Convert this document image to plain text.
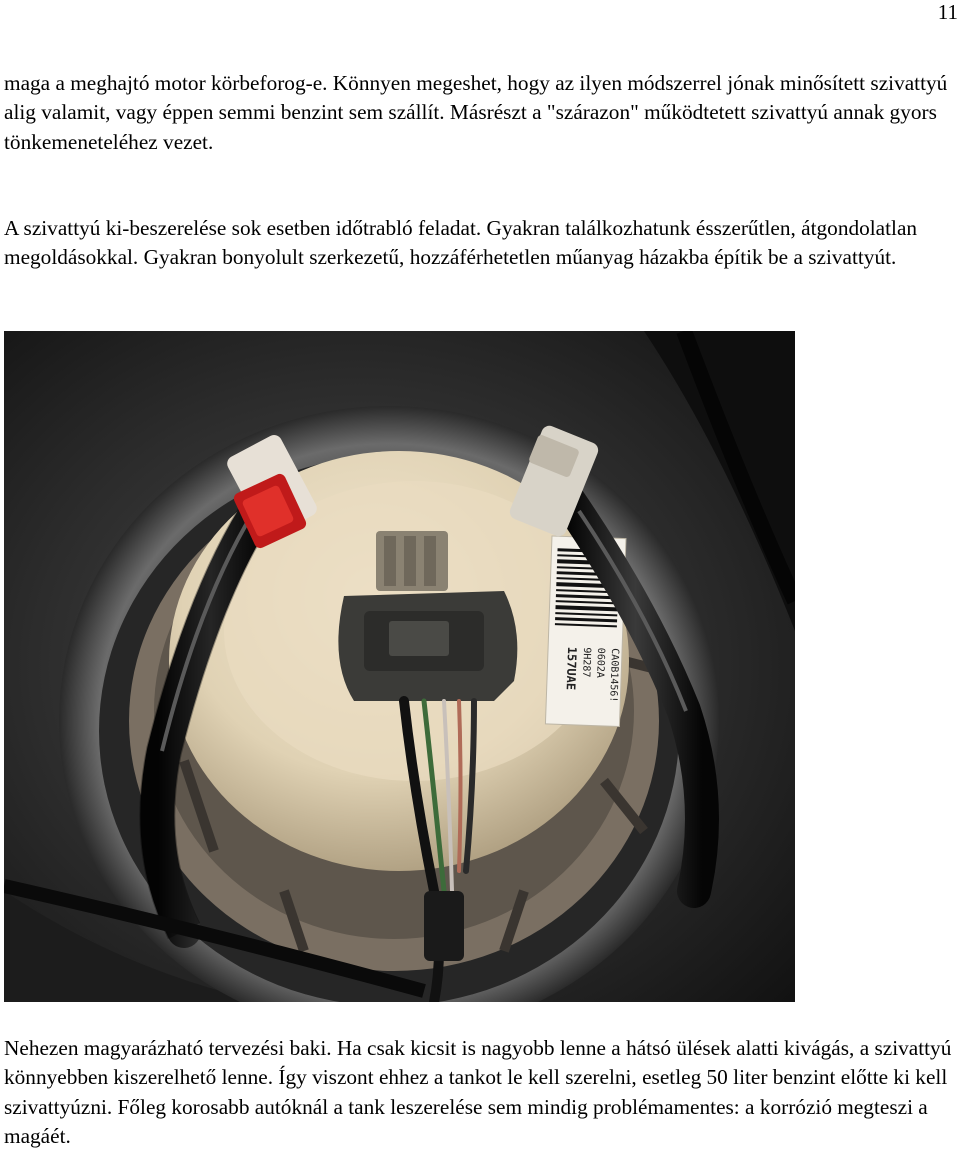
11

maga a meghajtó motor körbeforog-e. Könnyen megeshet, hogy az ilyen módszerrel jónak minősített szivattyú alig valamit, vagy éppen semmi benzint sem szállít. Másrészt a "szárazon" működtetett szivattyú annak gyors tönkemeneteléhez vezet.

A szivattyú ki-beszerelése sok esetben időtrabló feladat. Gyakran találkozhatunk ésszerűtlen, átgondolatlan megoldásokkal. Gyakran bonyolult szerkezetű, hozzáférhetetlen műanyag házakba építik be a szivattyút.

CA0B1456!
0602A
9H287
157UAE

Nehezen magyarázható tervezési baki. Ha csak kicsit is nagyobb lenne a hátsó ülések alatti kivágás, a szivattyú könnyebben kiszerelhető lenne. Így viszont ehhez a tankot le kell szerelni, esetleg 50 liter benzint előtte ki kell szivattyúzni. Főleg korosabb autóknál a tank leszerelése sem mindig problémamentes: a korrózió megteszi a magáét.
